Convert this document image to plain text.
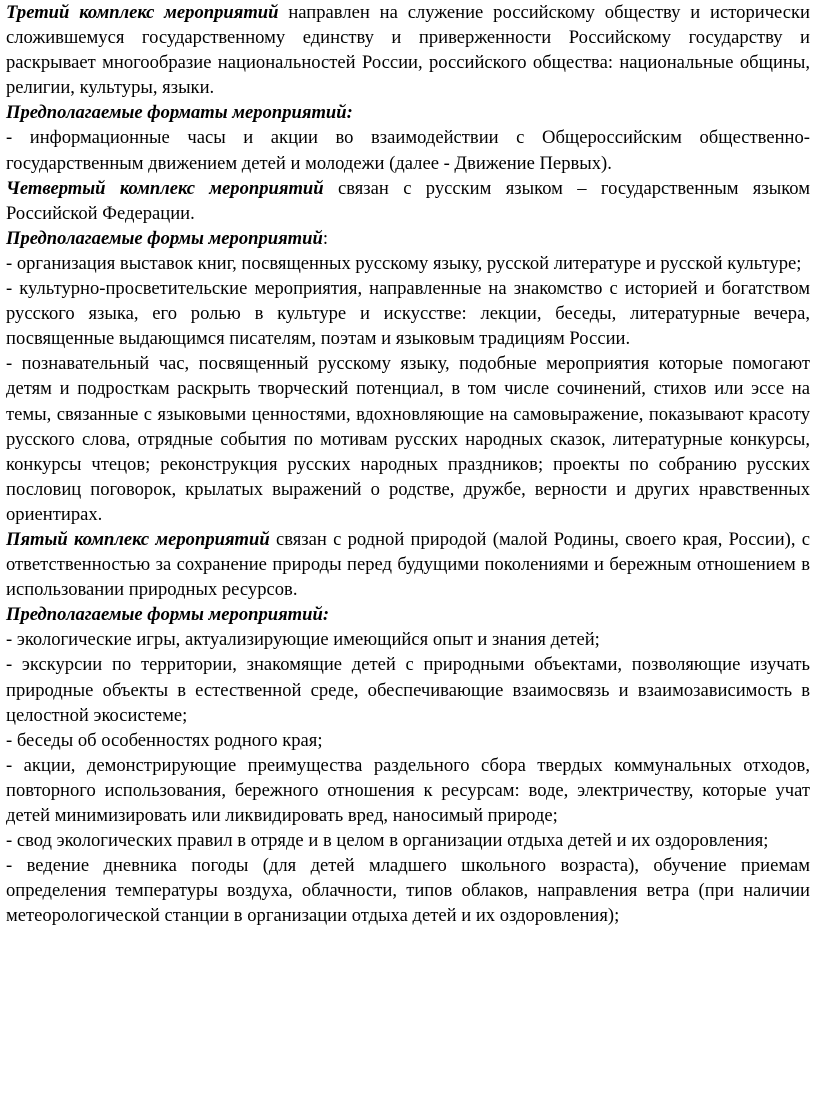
Третий комплекс мероприятий направлен на служение российскому обществу и исторически сложившемуся государственному единству и приверженности Российскому государству и раскрывает многообразие национальностей России, российского общества: национальные общины, религии, культуры, языки.

Предполагаемые форматы мероприятий:

- информационные часы и акции во взаимодействии с Общероссийским общественно-государственным движением детей и молодежи (далее - Движение Первых).

Четвертый комплекс мероприятий связан с русским языком – государственным языком Российской Федерации.

Предполагаемые формы мероприятий:

- организация выставок книг, посвященных русскому языку, русской литературе и русской культуре;

- культурно-просветительские мероприятия, направленные на знакомство с историей и богатством русского языка, его ролью в культуре и искусстве: лекции, беседы, литературные вечера, посвященные выдающимся писателям, поэтам и языковым традициям России.

- познавательный час, посвященный русскому языку, подобные мероприятия которые помогают детям и подросткам раскрыть творческий потенциал, в том числе сочинений, стихов или эссе на темы, связанные с языковыми ценностями, вдохновляющие на самовыражение, показывают красоту русского слова, отрядные события по мотивам русских народных сказок, литературные конкурсы, конкурсы чтецов; реконструкция русских народных праздников; проекты по собранию русских пословиц поговорок, крылатых выражений о родстве, дружбе, верности и других нравственных ориентирах.

Пятый комплекс мероприятий связан с родной природой (малой Родины, своего края, России), с ответственностью за сохранение природы перед будущими поколениями и бережным отношением в использовании природных ресурсов.

Предполагаемые формы мероприятий:

- экологические игры, актуализирующие имеющийся опыт и знания детей;

- экскурсии по территории, знакомящие детей с природными объектами, позволяющие изучать природные объекты в естественной среде, обеспечивающие взаимосвязь и взаимозависимость в целостной экосистеме;

- беседы об особенностях родного края;

- акции, демонстрирующие преимущества раздельного сбора твердых коммунальных отходов, повторного использования, бережного отношения к ресурсам: воде, электричеству, которые учат детей минимизировать или ликвидировать вред, наносимый природе;

- свод экологических правил в отряде и в целом в организации отдыха детей и их оздоровления;

- ведение дневника погоды (для детей младшего школьного возраста), обучение приемам определения температуры воздуха, облачности, типов облаков, направления ветра (при наличии метеорологической станции в организации отдыха детей и их оздоровления);
